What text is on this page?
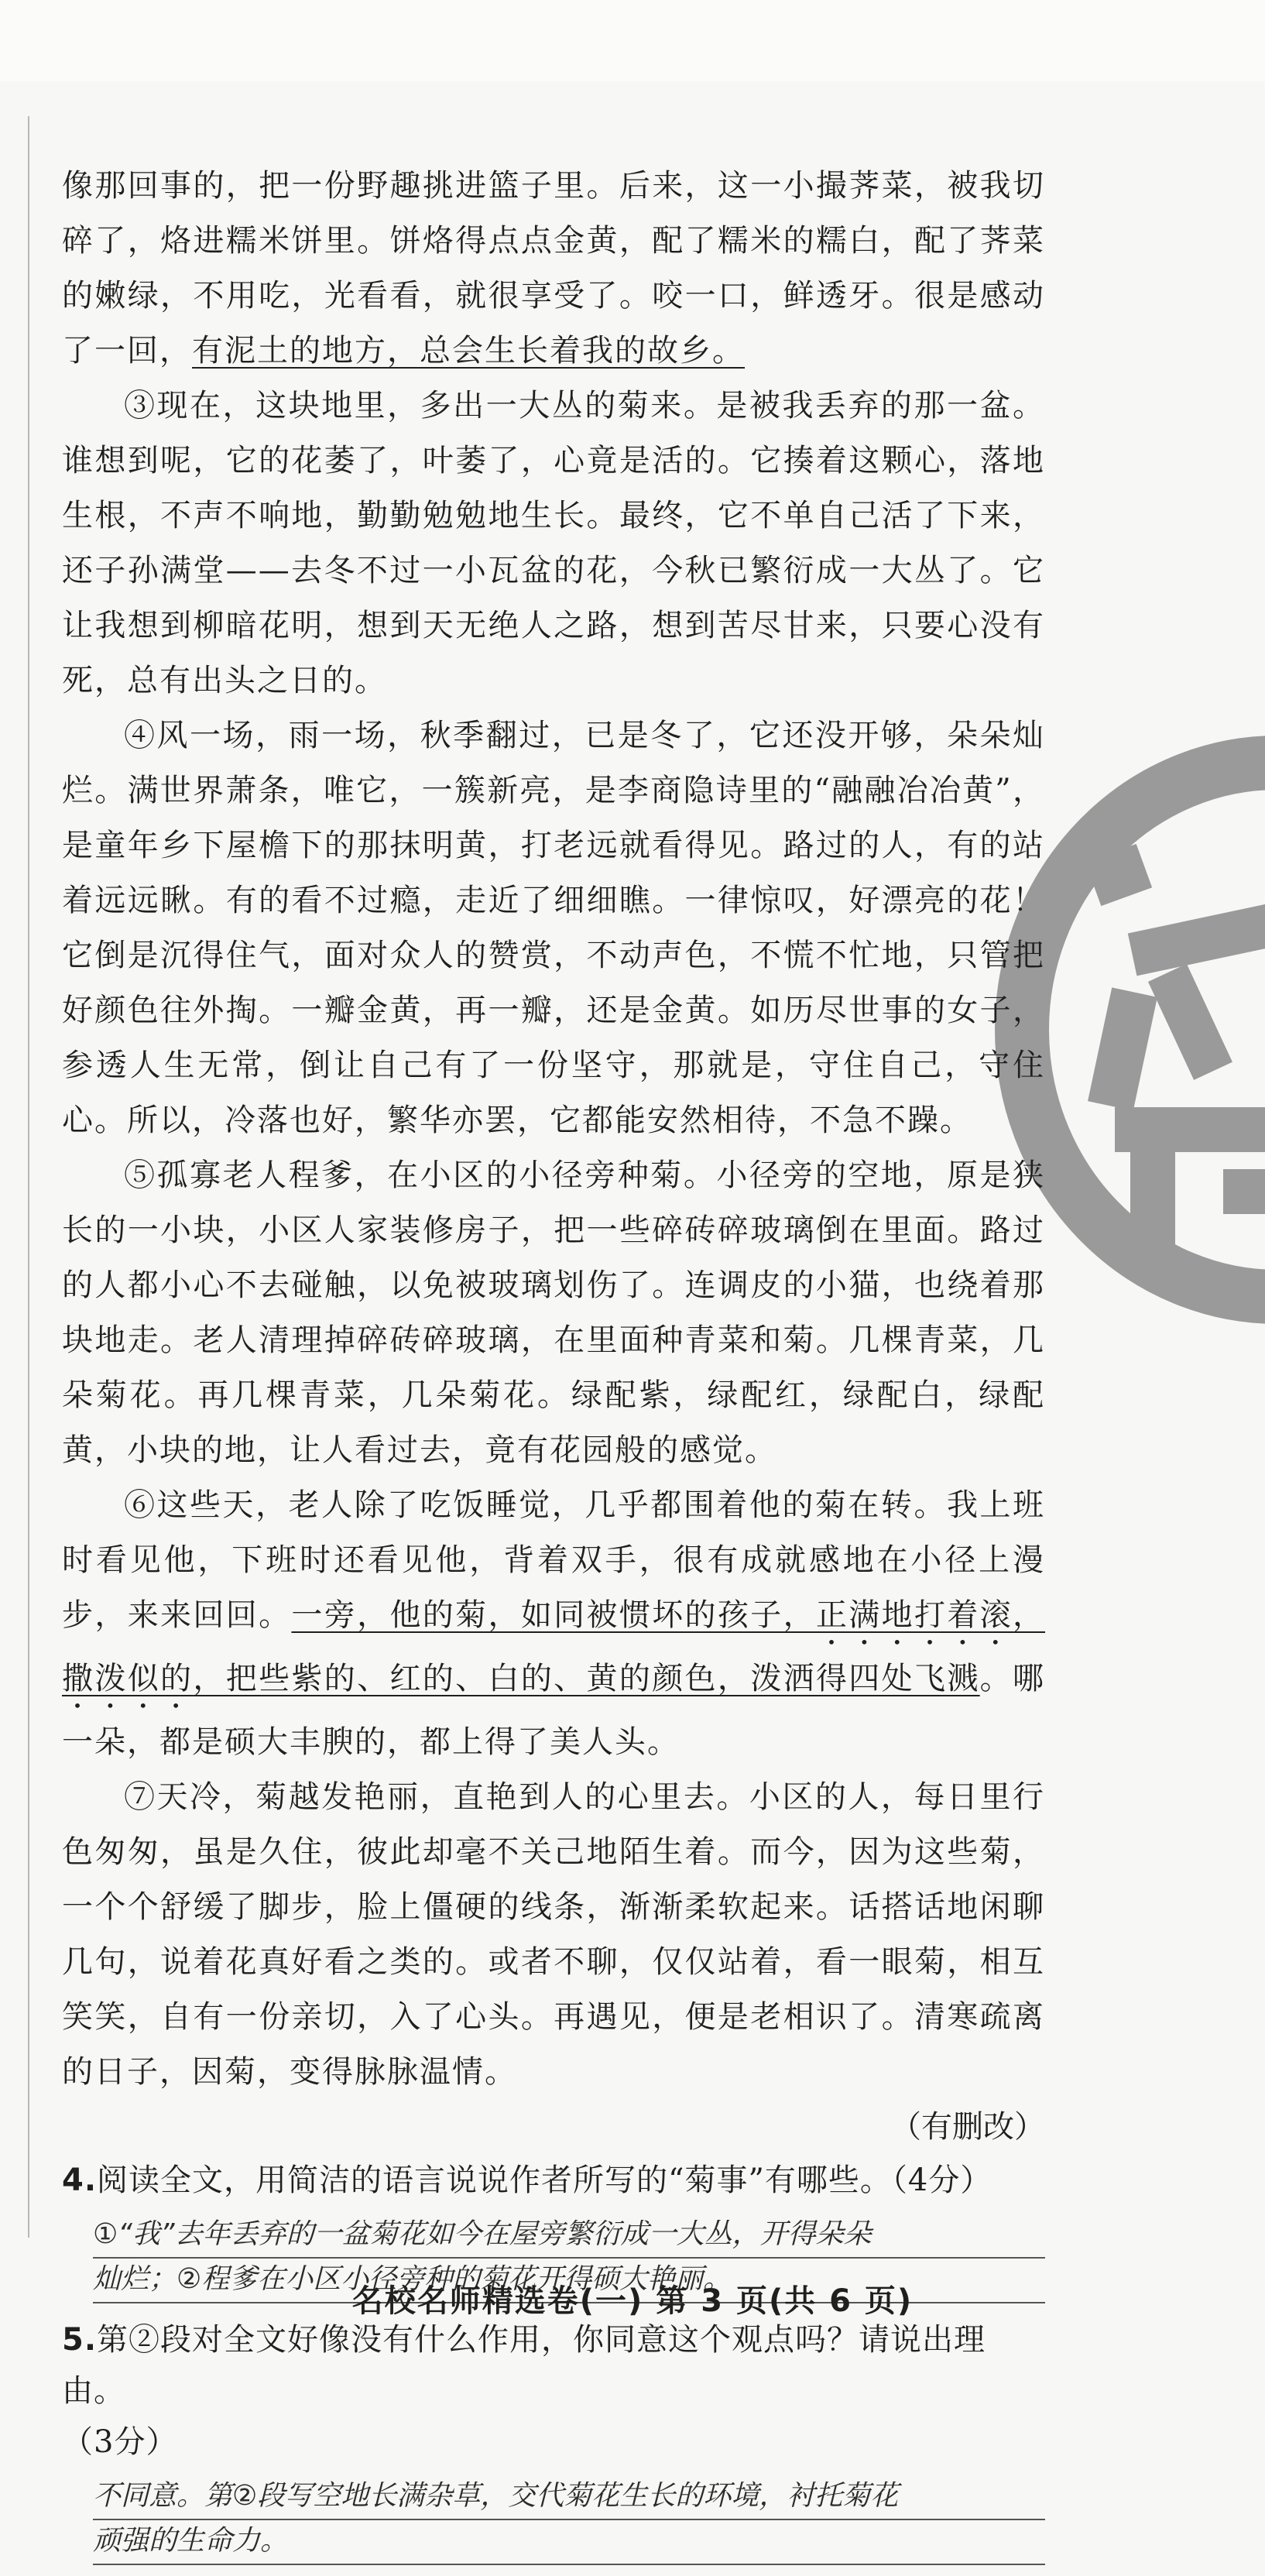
像那回事的，把一份野趣挑进篮子里。后来，这一小撮荠菜，被我切碎了，烙进糯米饼里。饼烙得点点金黄，配了糯米的糯白，配了荠菜的嫩绿，不用吃，光看看，就很享受了。咬一口，鲜透牙。很是感动了一回，有泥土的地方，总会生长着我的故乡。

③现在，这块地里，多出一大丛的菊来。是被我丢弃的那一盆。谁想到呢，它的花萎了，叶萎了，心竟是活的。它揍着这颗心，落地生根，不声不响地，勤勤勉勉地生长。最终，它不单自己活了下来，还子孙满堂——去冬不过一小瓦盆的花，今秋已繁衍成一大丛了。它让我想到柳暗花明，想到天无绝人之路，想到苦尽甘来，只要心没有死，总有出头之日的。

④风一场，雨一场，秋季翻过，已是冬了，它还没开够，朵朵灿烂。满世界萧条，唯它，一簇新亮，是李商隐诗里的“融融冶冶黄”，是童年乡下屋檐下的那抹明黄，打老远就看得见。路过的人，有的站着远远瞅。有的看不过瘾，走近了细细瞧。一律惊叹，好漂亮的花！它倒是沉得住气，面对众人的赞赏，不动声色，不慌不忙地，只管把好颜色往外掏。一瓣金黄，再一瓣，还是金黄。如历尽世事的女子，参透人生无常，倒让自己有了一份坚守，那就是，守住自己，守住心。所以，冷落也好，繁华亦罢，它都能安然相待，不急不躁。

⑤孤寡老人程爹，在小区的小径旁种菊。小径旁的空地，原是狭长的一小块，小区人家装修房子，把一些碎砖碎玻璃倒在里面。路过的人都小心不去碰触，以免被玻璃划伤了。连调皮的小猫，也绕着那块地走。老人清理掉碎砖碎玻璃，在里面种青菜和菊。几棵青菜，几朵菊花。再几棵青菜，几朵菊花。绿配紫，绿配红，绿配白，绿配黄，小块的地，让人看过去，竟有花园般的感觉。

⑥这些天，老人除了吃饭睡觉，几乎都围着他的菊在转。我上班时看见他，下班时还看见他，背着双手，很有成就感地在小径上漫步，来来回回。一旁，他的菊，如同被惯坏的孩子，正满地打着滚，撒泼似的，把些紫的、红的、白的、黄的颜色，泼洒得四处飞溅。哪一朵，都是硕大丰腴的，都上得了美人头。

⑦天冷，菊越发艳丽，直艳到人的心里去。小区的人，每日里行色匆匆，虽是久住，彼此却毫不关己地陌生着。而今，因为这些菊，一个个舒缓了脚步，脸上僵硬的线条，渐渐柔软起来。话搭话地闲聊几句，说着花真好看之类的。或者不聊，仅仅站着，看一眼菊，相互笑笑，自有一份亲切，入了心头。再遇见，便是老相识了。清寒疏离的日子，因菊，变得脉脉温情。

（有删改）

4.阅读全文，用简洁的语言说说作者所写的“菊事”有哪些。（4分）

①“我”去年丢弃的一盆菊花如今在屋旁繁衍成一大丛，开得朵朵
灿烂；②程爹在小区小径旁种的菊花开得硕大艳丽。

5.第②段对全文好像没有什么作用，你同意这个观点吗？请说出理由。
（3分）

不同意。第②段写空地长满杂草，交代菊花生长的环境，衬托菊花
顽强的生命力。
名校名师精选卷(一) 第 3 页(共 6 页)
